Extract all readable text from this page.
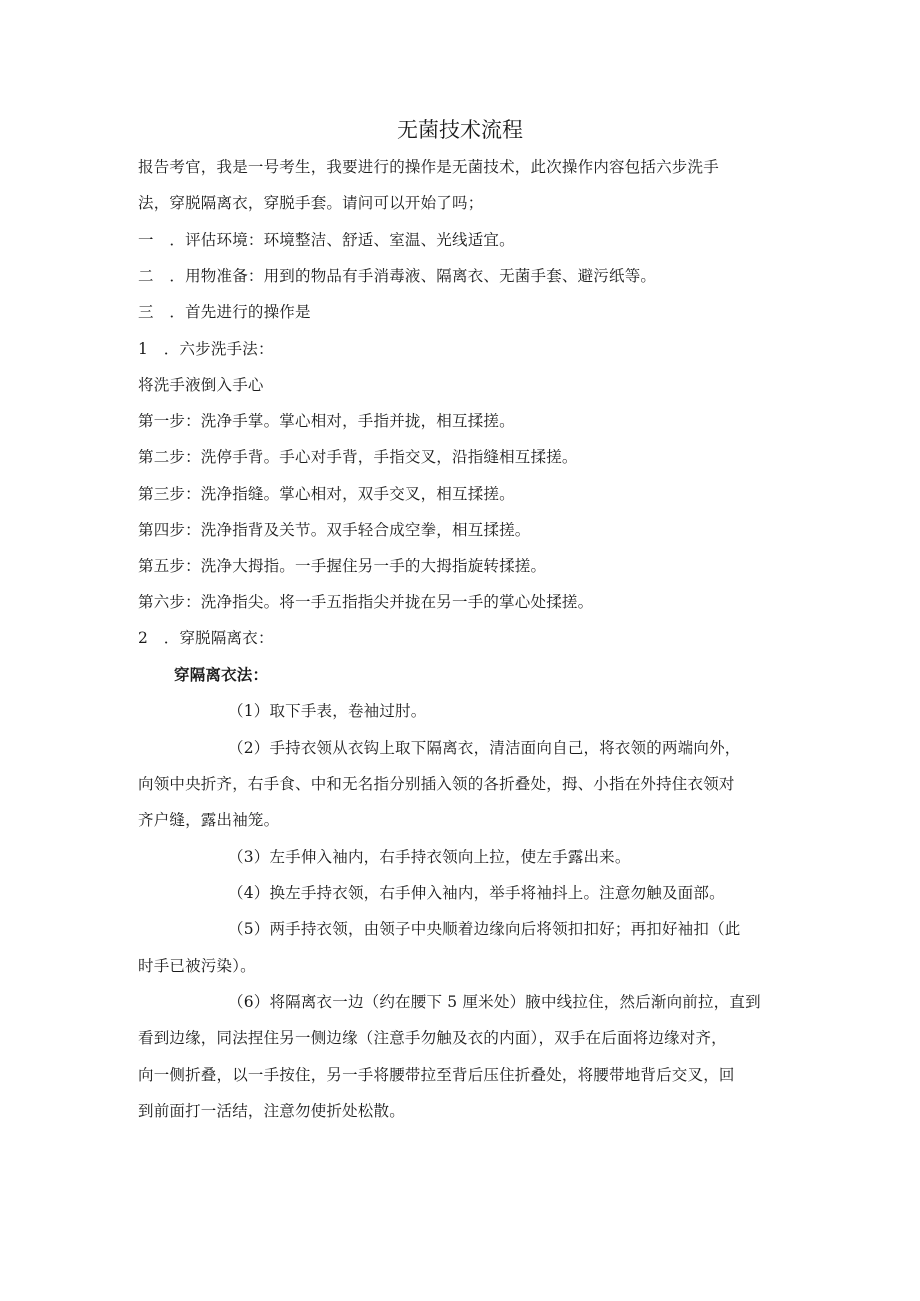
无菌技术流程

报告考官，我是一号考生，我要进行的操作是无菌技术，此次操作内容包括六步洗手

法，穿脱隔离衣，穿脱手套。请问可以开始了吗；

一　．评估环境：环境整洁、舒适、室温、光线适宜。

二　．用物准备：用到的物品有手消毒液、隔离衣、无菌手套、避污纸等。

三　．首先进行的操作是

1　．六步洗手法：

将洗手液倒入手心

第一步：洗净手掌。掌心相对，手指并拢，相互揉搓。

第二步：洗停手背。手心对手背，手指交叉，沿指缝相互揉搓。

第三步：洗净指缝。掌心相对，双手交叉，相互揉搓。

第四步：洗净指背及关节。双手轻合成空拳，相互揉搓。

第五步：洗净大拇指。一手握住另一手的大拇指旋转揉搓。

第六步：洗净指尖。将一手五指指尖并拢在另一手的掌心处揉搓。

2　．穿脱隔离衣：

穿隔离衣法：

（1）取下手表，卷袖过肘。

（2）手持衣领从衣钩上取下隔离衣，清洁面向自己，将衣领的两端向外，

向领中央折齐，右手食、中和无名指分别插入领的各折叠处，拇、小指在外持住衣领对

齐户缝，露出袖笼。

（3）左手伸入袖内，右手持衣领向上拉，使左手露出来。

（4）换左手持衣领，右手伸入袖内，举手将袖抖上。注意勿触及面部。

（5）两手持衣领，由领子中央顺着边缘向后将领扣扣好；再扣好袖扣（此

时手已被污染）。

（6）将隔离衣一边（约在腰下 5 厘米处）腋中线拉住，然后渐向前拉，直到

看到边缘，同法捏住另一侧边缘（注意手勿触及衣的内面），双手在后面将边缘对齐，

向一侧折叠，以一手按住，另一手将腰带拉至背后压住折叠处，将腰带地背后交叉，回

到前面打一活结，注意勿使折处松散。
